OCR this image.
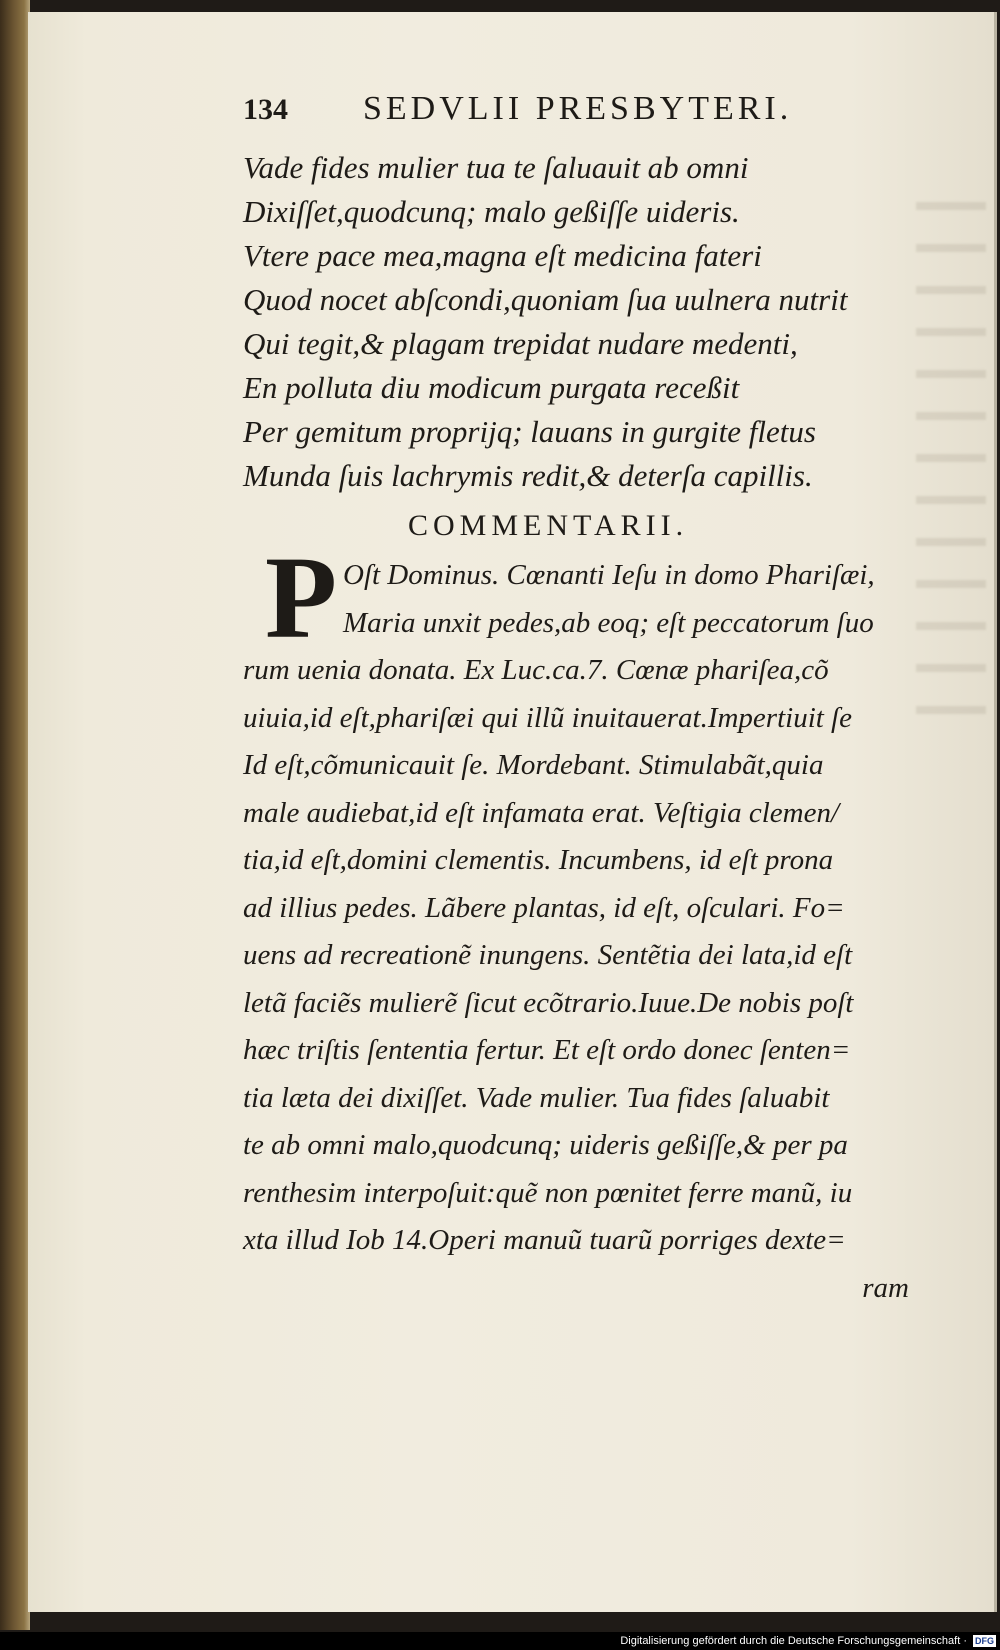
134	SEDVLII PRESBYTERI.
Vade fides mulier tua te ſaluauit ab omni
Dixiſſet,quodcunq; malo geßiſſe uideris.
Vtere pace mea,magna eſt medicina fateri
Quod nocet abſcondi,quoniam ſua uulnera nutrit
Qui tegit,& plagam trepidat nudare medenti,
En polluta diu modicum purgata receßit
Per gemitum proprijq; lauans in gurgite fletus
Munda ſuis lachrymis redit,& deterſa capillis.
COMMENTARII.
P Oſt Dominus. Cœnanti Ieſu in domo Phariſæi,
Maria unxit pedes,ab eoq; eſt peccatorum ſuo
rum uenia donata. Ex Luc.ca.7. Cœnæ phariſea,cõ
uiuia,id eſt,phariſæi qui illũ inuitauerat.Impertiuit ſe
Id eſt,cõmunicauit ſe. Mordebant. Stimulabãt,quia
male audiebat,id eſt infamata erat. Veſtigia clemen/
tia,id eſt,domini clementis. Incumbens, id eſt prona
ad illius pedes. Lãbere plantas, id eſt, oſculari. Fo=
uens ad recreationẽ inungens. Sentẽtia dei lata,id eſt
letã faciẽs mulierẽ ſicut ecõtrario.Iuue.De nobis poſt
hæc triſtis ſententia fertur. Et eſt ordo donec ſenten=
tia læta dei dixiſſet. Vade mulier. Tua fides ſaluabit
te ab omni malo,quodcunq; uideris geßiſſe,& per pa
renthesim interpoſuit:quẽ non pœnitet ferre manũ, iu
xta illud Iob 14.Operi manuũ tuarũ porriges dexte=
ram
Digitalisierung gefördert durch die Deutsche Forschungsgemeinschaft · DFG
